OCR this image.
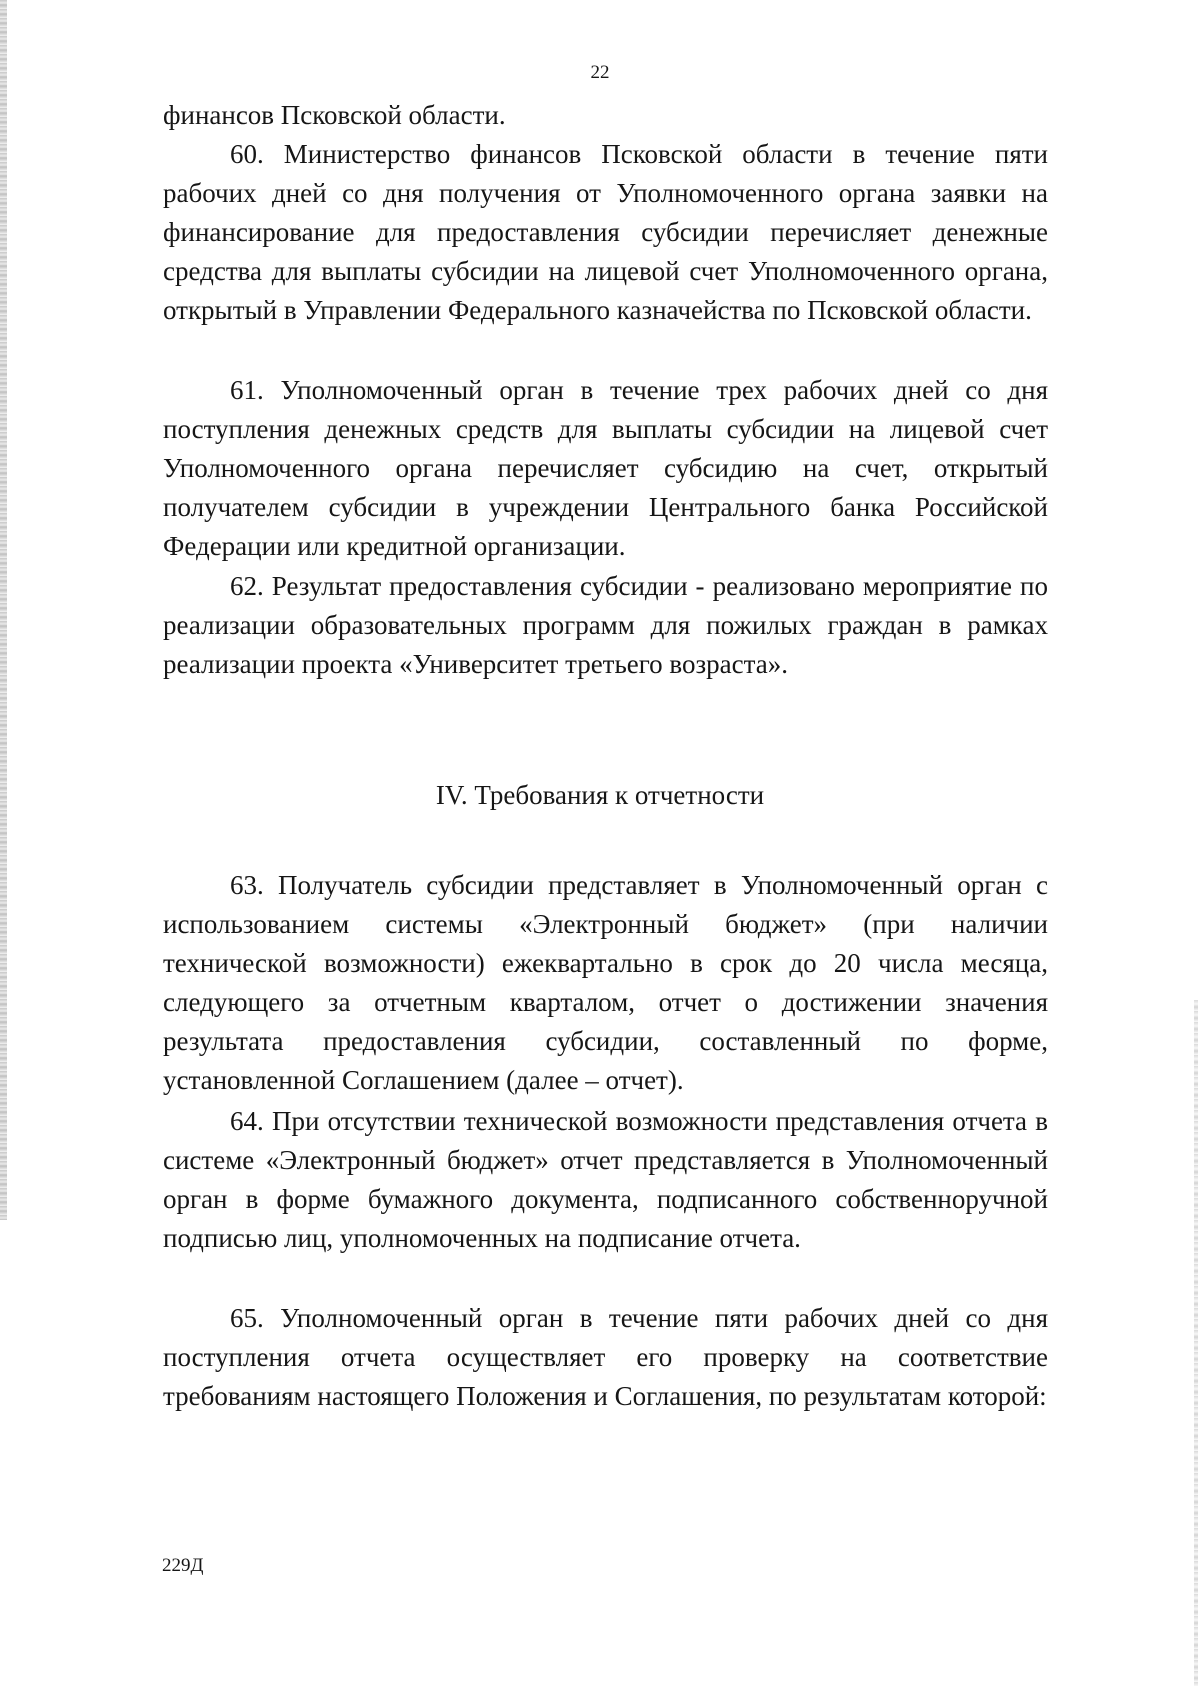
22

финансов Псковской области.

60. Министерство финансов Псковской области в течение пяти рабочих дней со дня получения от Уполномоченного органа заявки на финансирование для предоставления субсидии перечисляет денежные средства для выплаты субсидии на лицевой счет Уполномоченного органа, открытый в Управлении Федерального казначейства по Псковской области.

61. Уполномоченный орган в течение трех рабочих дней со дня поступления денежных средств для выплаты субсидии на лицевой счет Уполномоченного органа перечисляет субсидию на счет, открытый получателем субсидии в учреждении Центрального банка Российской Федерации или кредитной организации.

62. Результат предоставления субсидии - реализовано мероприятие по реализации образовательных программ для пожилых граждан в рамках реализации проекта «Университет третьего возраста».

IV. Требования к отчетности

63. Получатель субсидии представляет в Уполномоченный орган с использованием системы «Электронный бюджет» (при наличии технической возможности) ежеквартально в срок до 20 числа месяца, следующего за отчетным кварталом, отчет о достижении значения результата предоставления субсидии, составленный по форме, установленной Соглашением (далее – отчет).

64. При отсутствии технической возможности представления отчета в системе «Электронный бюджет» отчет представляется в Уполномоченный орган в форме бумажного документа, подписанного собственноручной подписью лиц, уполномоченных на подписание отчета.

65. Уполномоченный орган в течение пяти рабочих дней со дня поступления отчета осуществляет его проверку на соответствие требованиям настоящего Положения и Соглашения, по результатам которой:

229Д
